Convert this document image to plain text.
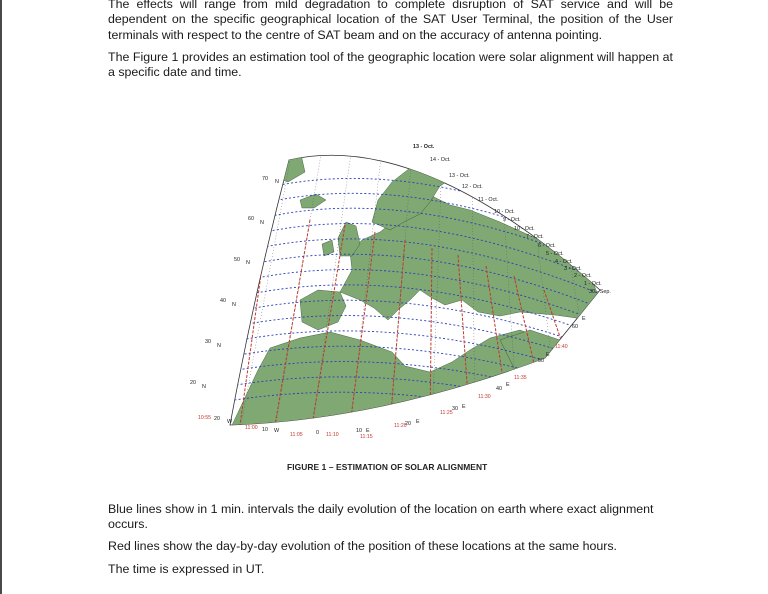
The effects will range from mild degradation to complete disruption of SAT service and will be dependent on the specific geographical location of the SAT User Terminal, the position of the User terminals with respect to the centre of SAT beam and on the accuracy of antenna pointing.

The Figure 1 provides an estimation tool of the geographic location were solar alignment will happen at a specific date and time.

13 - Oct.
14 - Oct.
13 - Oct.
12 - Oct.
11 - Oct.
10 - Oct.
9 - Oct.
10 - Oct.
7 - Oct.
6 - Oct.
5 - Oct.
4 - Oct.
3 - Oct.
2 - Oct.
1 - Oct.
30 - Sep.
70 N
60
N
50 N
40
N
30
N
20
N
20 W
10 W	0	10 E
20 E
30 E
40
E
50
E
60
E
10:55
11:00
11:05	11:10	11:15
11:20
11:25
11:30
11:35
11:40
FIGURE 1 – ESTIMATION OF SOLAR ALIGNMENT

Blue lines show in 1 min. intervals the daily evolution of the location on earth where exact alignment occurs.

Red lines show the day-by-day evolution of the position of these locations at the same hours.

The time is expressed in UT.
